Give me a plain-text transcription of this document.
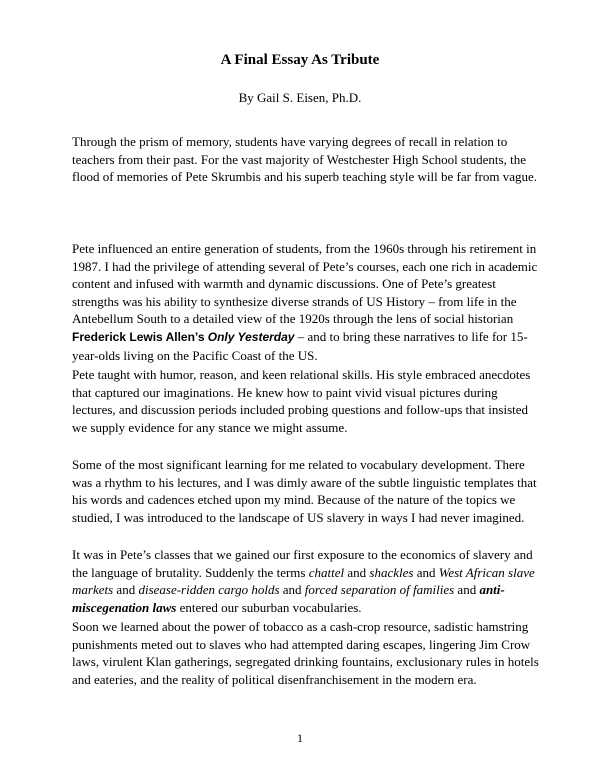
A Final Essay As Tribute
By Gail S. Eisen, Ph.D.

Through the prism of memory, students have varying degrees of recall in relation to teachers from their past. For the vast majority of Westchester High School students, the flood of memories of Pete Skrumbis and his superb teaching style will be far from vague.

Pete influenced an entire generation of students, from the 1960s through his retirement in 1987. I had the privilege of attending several of Pete’s courses, each one rich in academic content and infused with warmth and dynamic discussions. One of Pete’s greatest strengths was his ability to synthesize diverse strands of US History – from life in the Antebellum South to a detailed view of the 1920s through the lens of social historian Frederick Lewis Allen’s Only Yesterday – and to bring these narratives to life for 15-year-olds living on the Pacific Coast of the US.

Pete taught with humor, reason, and keen relational skills. His style embraced anecdotes that captured our imaginations. He knew how to paint vivid visual pictures during lectures, and discussion periods included probing questions and follow-ups that insisted we supply evidence for any stance we might assume.

Some of the most significant learning for me related to vocabulary development. There was a rhythm to his lectures, and I was dimly aware of the subtle linguistic templates that his words and cadences etched upon my mind. Because of the nature of the topics we studied, I was introduced to the landscape of US slavery in ways I had never imagined.

It was in Pete’s classes that we gained our first exposure to the economics of slavery and the language of brutality. Suddenly the terms chattel and shackles and West African slave markets and disease-ridden cargo holds and forced separation of families and anti-miscegenation laws entered our suburban vocabularies.

Soon we learned about the power of tobacco as a cash-crop resource, sadistic hamstring punishments meted out to slaves who had attempted daring escapes, lingering Jim Crow laws, virulent Klan gatherings, segregated drinking fountains, exclusionary rules in hotels and eateries, and the reality of political disenfranchisement in the modern era.

1
